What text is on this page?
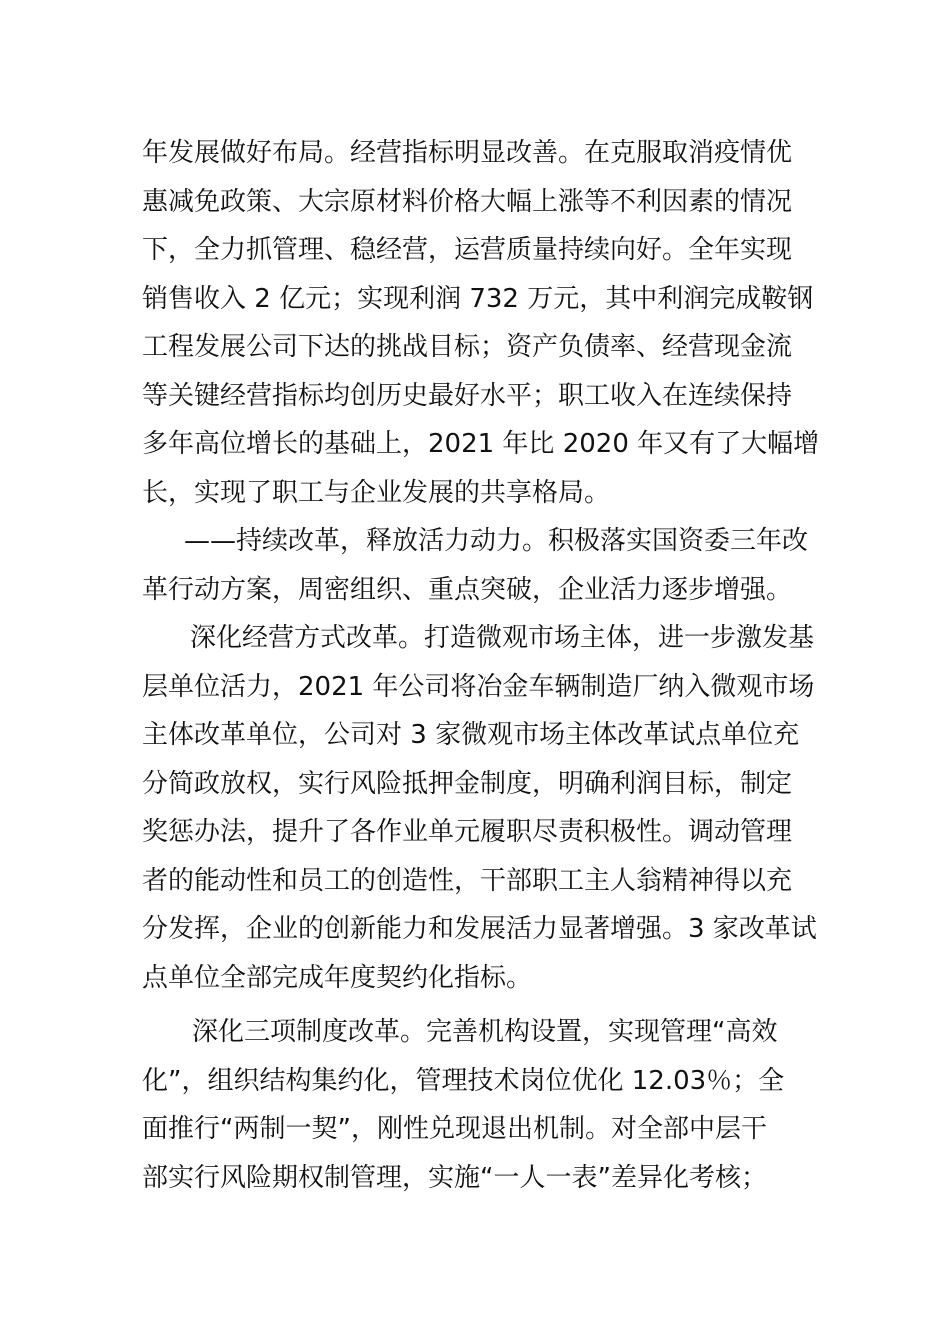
年发展做好布局。经营指标明显改善。在克服取消疫情优
惠减免政策、大宗原材料价格大幅上涨等不利因素的情况
下，全力抓管理、稳经营，运营质量持续向好。全年实现
销售收入 2 亿元；实现利润 732 万元，其中利润完成鞍钢
工程发展公司下达的挑战目标；资产负债率、经营现金流
等关键经营指标均创历史最好水平；职工收入在连续保持
多年高位增长的基础上，2021 年比 2020 年又有了大幅增
长，实现了职工与企业发展的共享格局。
——持续改革，释放活力动力。积极落实国资委三年改
革行动方案，周密组织、重点突破，企业活力逐步增强。
深化经营方式改革。打造微观市场主体，进一步激发基
层单位活力，2021 年公司将冶金车辆制造厂纳入微观市场
主体改革单位，公司对 3 家微观市场主体改革试点单位充
分简政放权，实行风险抵押金制度，明确利润目标，制定
奖惩办法，提升了各作业单元履职尽责积极性。调动管理
者的能动性和员工的创造性，干部职工主人翁精神得以充
分发挥，企业的创新能力和发展活力显著增强。3 家改革试
点单位全部完成年度契约化指标。
深化三项制度改革。完善机构设置，实现管理“高效
化”，组织结构集约化，管理技术岗位优化 12.03％；全
面推行“两制一契”，刚性兑现退出机制。对全部中层干
部实行风险期权制管理，实施“一人一表”差异化考核；
